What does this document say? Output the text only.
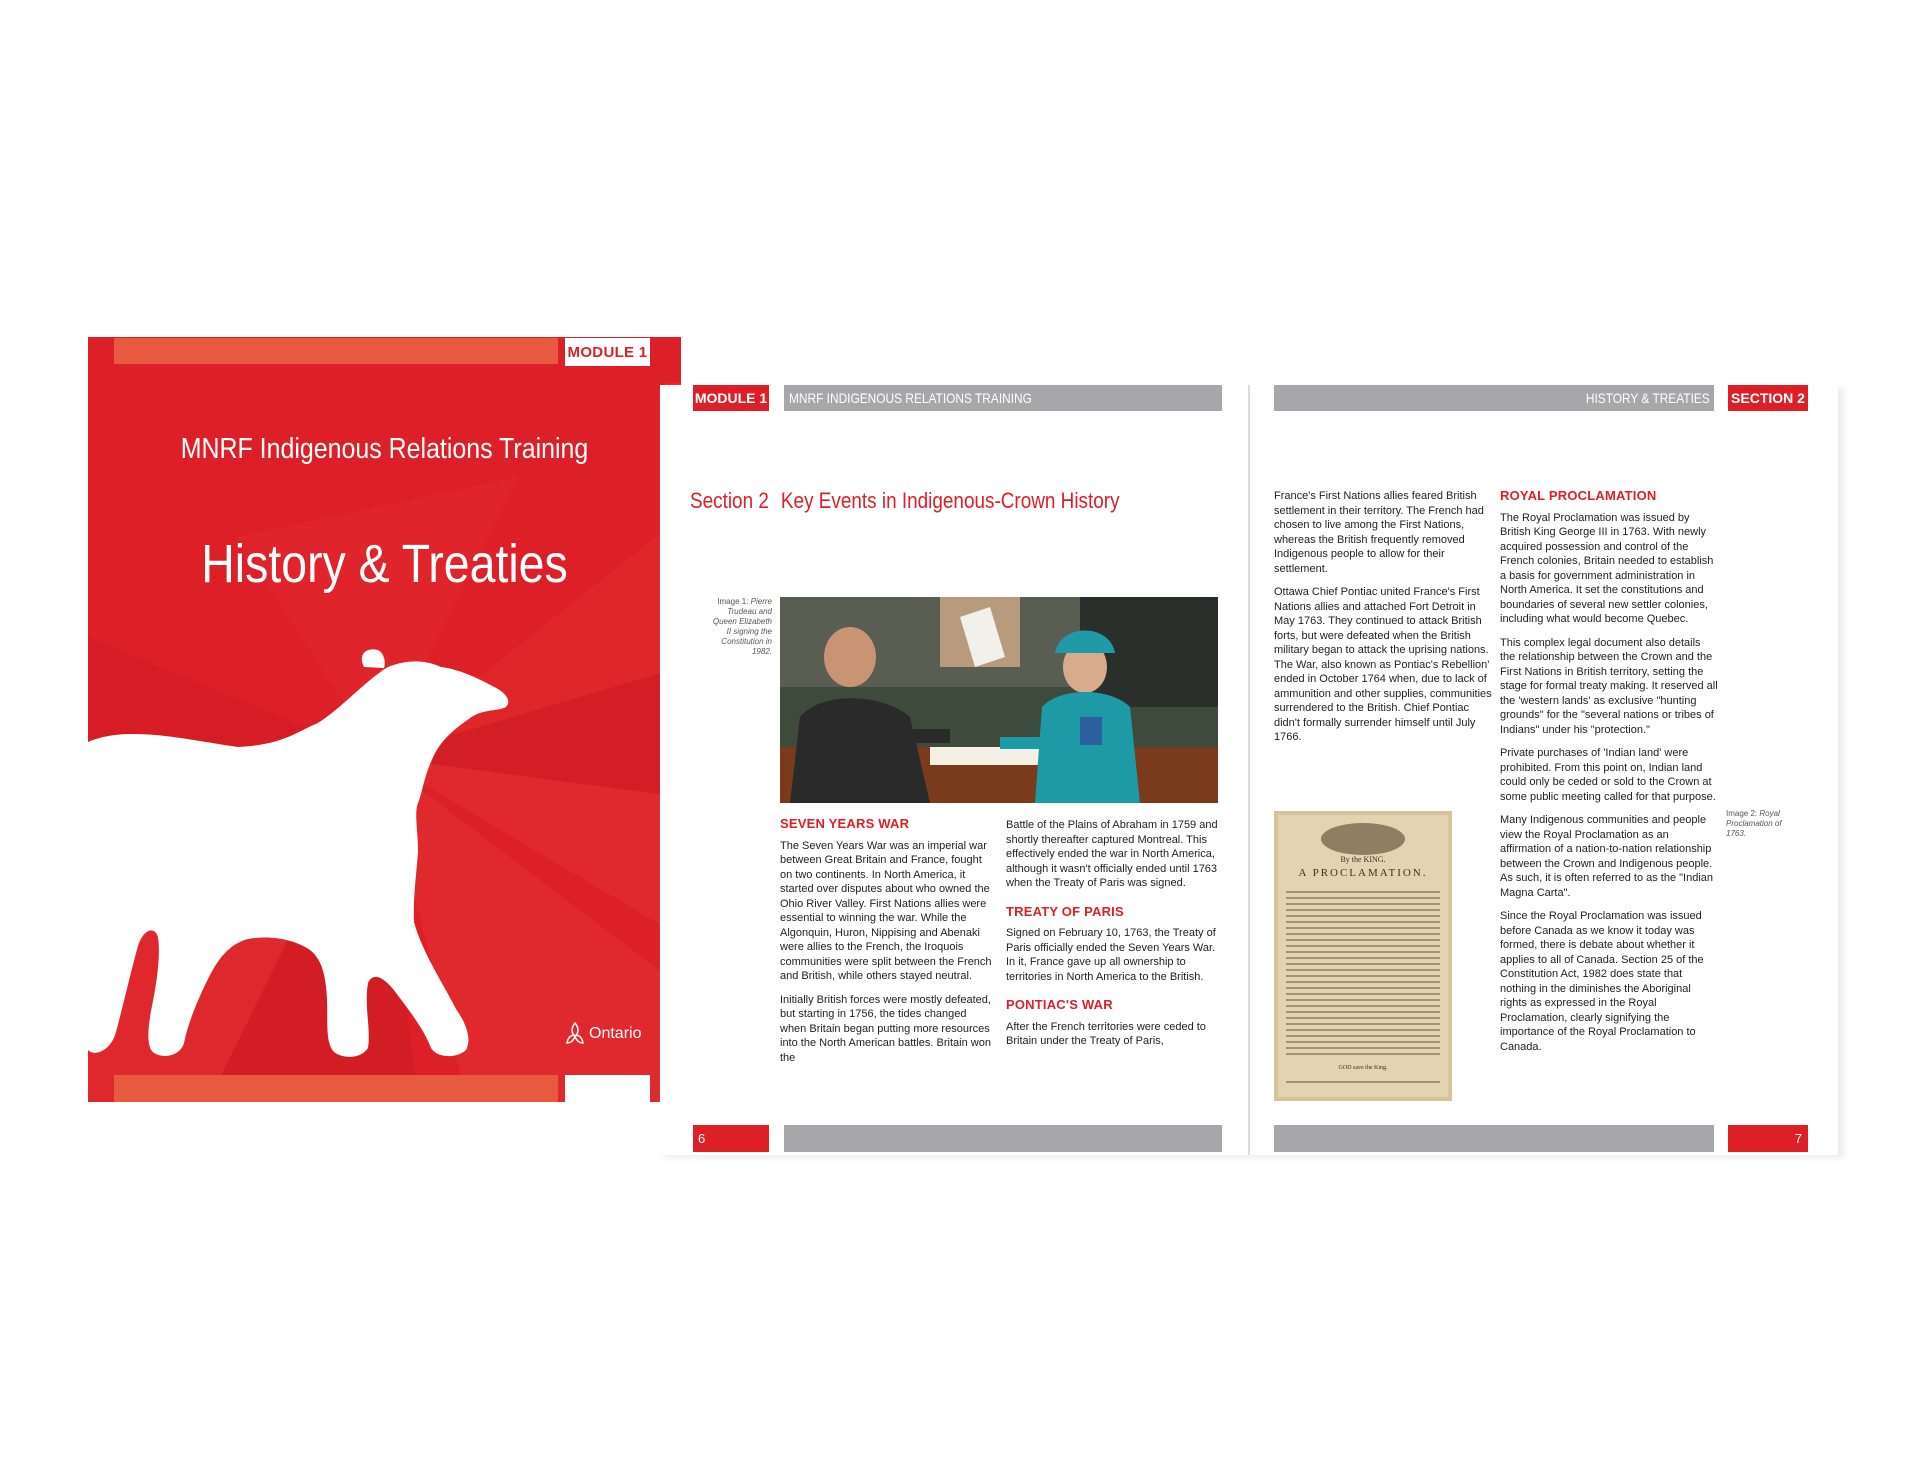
MODULE 1
MNRF Indigenous Relations Training
History & Treaties
Ontario
MODULE 1 MNRF INDIGENOUS RELATIONS TRAINING	HISTORY & TREATIES SECTION 2
Section 2 Key Events in Indigenous-Crown History
Image 1: Pierre Trudeau and Queen Elizabeth II signing the Constitution in 1982.
SEVEN YEARS WAR

The Seven Years War was an imperial war between Great Britain and France, fought on two continents. In North America, it started over disputes about who owned the Ohio River Valley. First Nations allies were essential to winning the war. While the Algonquin, Huron, Nippising and Abenaki were allies to the French, the Iroquois communities were split between the French and British, while others stayed neutral.

Initially British forces were mostly defeated, but starting in 1756, the tides changed when Britain began putting more resources into the North American battles. Britain won the

Battle of the Plains of Abraham in 1759 and shortly thereafter captured Montreal. This effectively ended the war in North America, although it wasn't officially ended until 1763 when the Treaty of Paris was signed.

TREATY OF PARIS

Signed on February 10, 1763, the Treaty of Paris officially ended the Seven Years War. In it, France gave up all ownership to territories in North America to the British.

PONTIAC'S WAR

After the French territories were ceded to Britain under the Treaty of Paris,

France's First Nations allies feared British settlement in their territory. The French had chosen to live among the First Nations, whereas the British frequently removed Indigenous people to allow for their settlement.

Ottawa Chief Pontiac united France's First Nations allies and attached Fort Detroit in May 1763. They continued to attack British forts, but were defeated when the British military began to attack the uprising nations. The War, also known as Pontiac's Rebellion' ended in October 1764 when, due to lack of ammunition and other supplies, communities surrendered to the British. Chief Pontiac didn't formally surrender himself until July 1766.

By the KING.
A PROCLAMATION.
GOD save the King.
ROYAL PROCLAMATION

The Royal Proclamation was issued by British King George III in 1763. With newly acquired possession and control of the French colonies, Britain needed to establish a basis for government administration in North America. It set the constitutions and boundaries of several new settler colonies, including what would become Quebec.

This complex legal document also details the relationship between the Crown and the First Nations in British territory, setting the stage for formal treaty making. It reserved all the 'western lands' as exclusive "hunting grounds" for the "several nations or tribes of Indians" under his "protection."

Private purchases of 'Indian land' were prohibited. From this point on, Indian land could only be ceded or sold to the Crown at some public meeting called for that purpose.

Many Indigenous communities and people view the Royal Proclamation as an affirmation of a nation-to-nation relationship between the Crown and Indigenous people. As such, it is often referred to as the "Indian Magna Carta".

Since the Royal Proclamation was issued before Canada as we know it today was formed, there is debate about whether it applies to all of Canada. Section 25 of the Constitution Act, 1982 does state that nothing in the diminishes the Aboriginal rights as expressed in the Royal Proclamation, clearly signifying the importance of the Royal Proclamation to Canada.

Image 2: Royal Proclamation of 1763.
6	7
